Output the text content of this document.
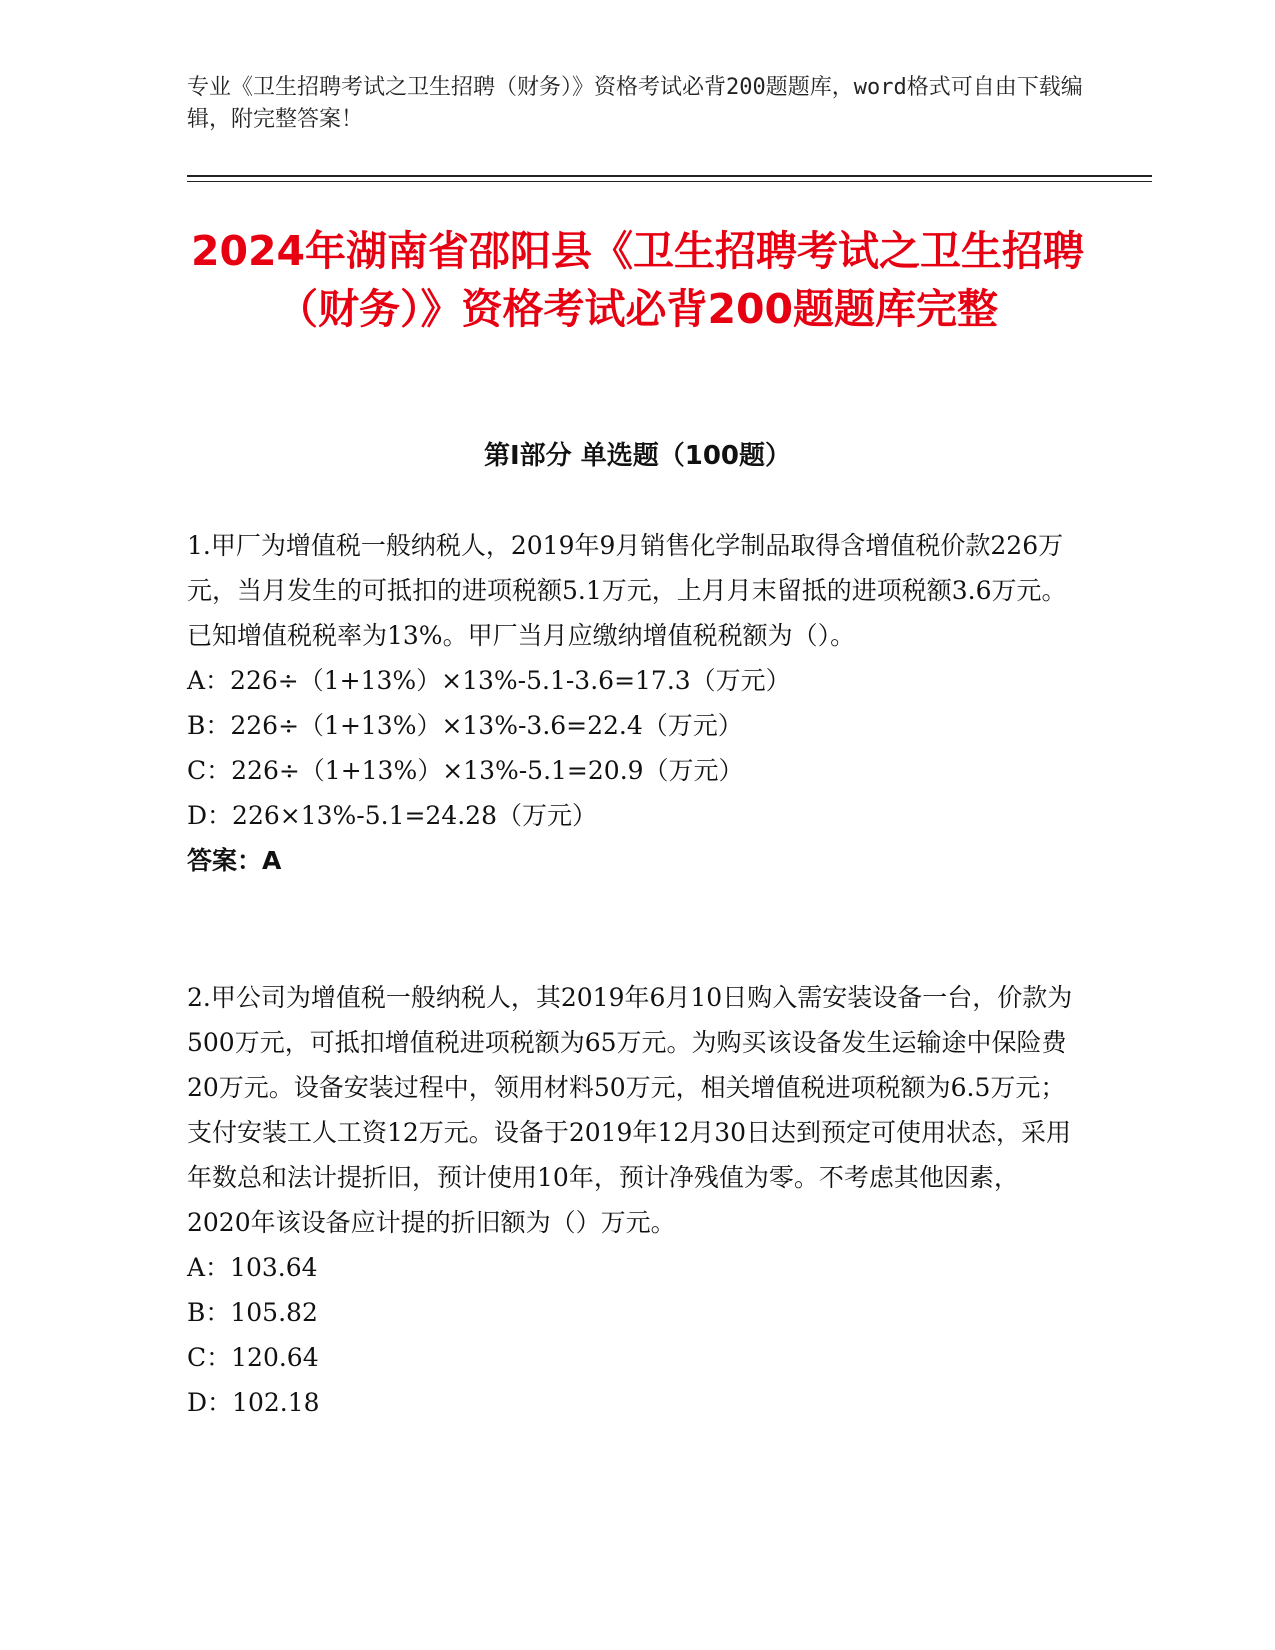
专业《卫生招聘考试之卫生招聘（财务）》资格考试必背200题题库，word格式可自由下载编辑，附完整答案！
2024年湖南省邵阳县《卫生招聘考试之卫生招聘（财务）》资格考试必背200题题库完整
第I部分 单选题（100题）

1.甲厂为增值税一般纳税人，2019年9月销售化学制品取得含增值税价款226万元，当月发生的可抵扣的进项税额5.1万元，上月月末留抵的进项税额3.6万元。已知增值税税率为13%。甲厂当月应缴纳增值税税额为（）。

A：226÷（1+13%）×13%-5.1-3.6=17.3（万元）

B：226÷（1+13%）×13%-3.6=22.4（万元）

C：226÷（1+13%）×13%-5.1=20.9（万元）

D：226×13%-5.1=24.28（万元）

答案：A

2.甲公司为增值税一般纳税人，其2019年6月10日购入需安装设备一台，价款为500万元，可抵扣增值税进项税额为65万元。为购买该设备发生运输途中保险费20万元。设备安装过程中，领用材料50万元，相关增值税进项税额为6.5万元；支付安装工人工资12万元。设备于2019年12月30日达到预定可使用状态，采用年数总和法计提折旧，预计使用10年，预计净残值为零。不考虑其他因素，2020年该设备应计提的折旧额为（）万元。

A：103.64

B：105.82

C：120.64

D：102.18
